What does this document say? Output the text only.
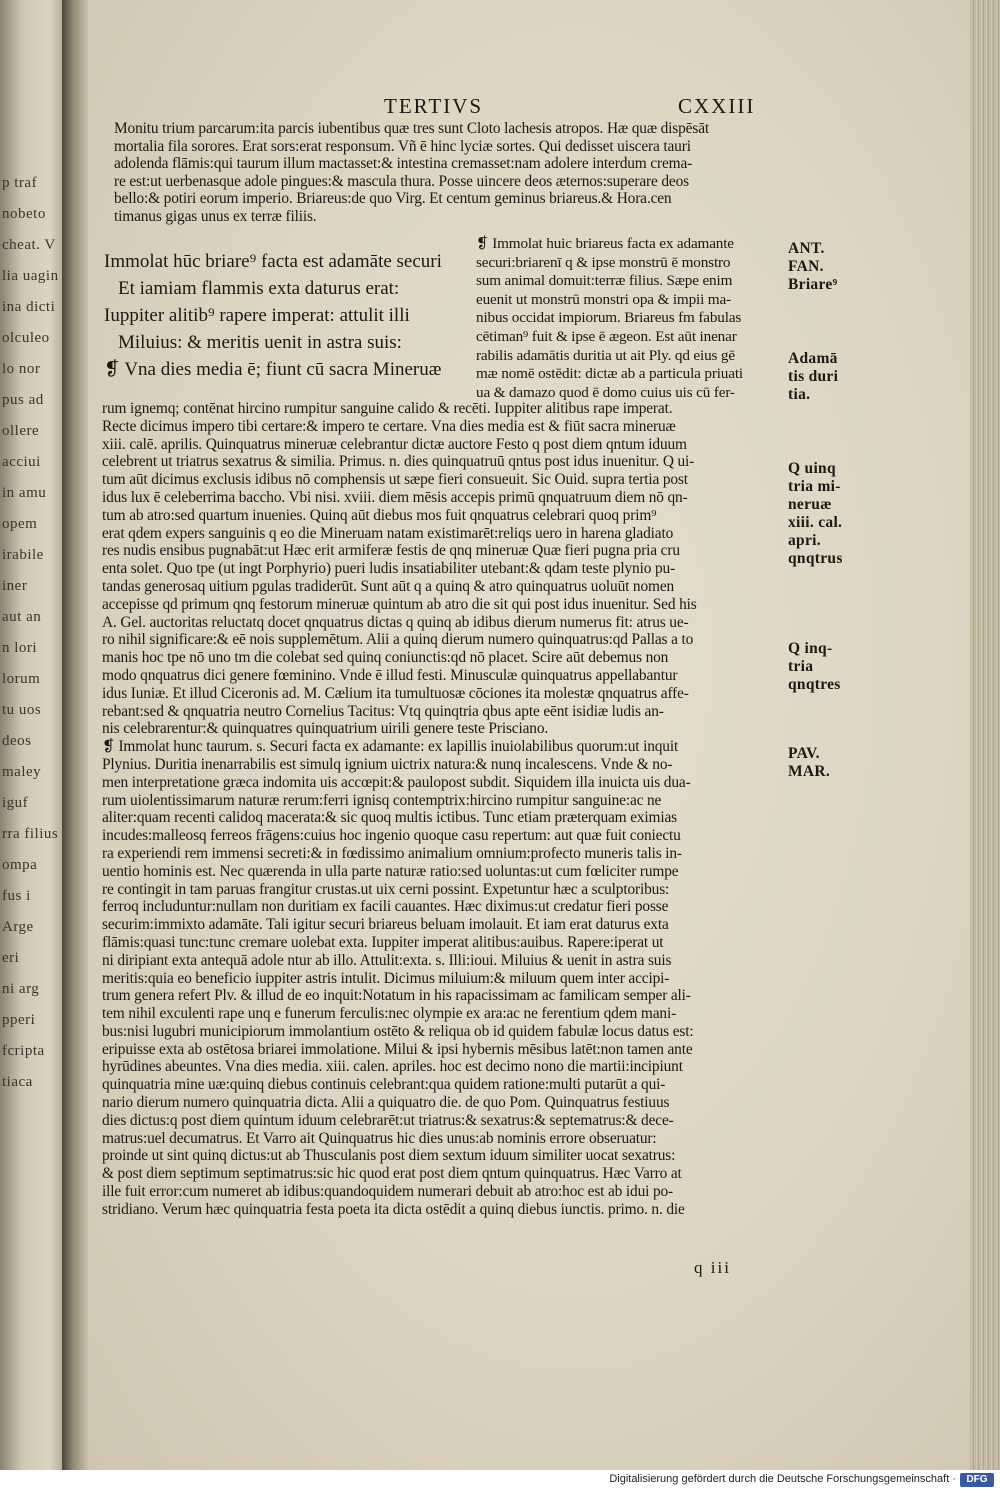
p traf
nobeto
cheat. V
lia uagin
ina dicti
olculeo
lo nor
pus ad
ollere
acciui
in amu
opem
irabile
iner
aut an
n lori
lorum
tu uos
deos
maley
iguf
rra filius
ompa
fus i
Arge
eri
ni arg
pperi
fcripta
tiaca
TERTIVS	CXXIII
Monitu trium parcarum:ita parcis iubentibus quæ tres sunt Cloto lachesis atropos. Hæ quæ dispēsāt
mortalia fila sorores. Erat sors:erat responsum. Vñ ē hinc lyciæ sortes. Qui dedisset uiscera tauri
adolenda flāmis:qui taurum illum mactasset:& intestina cremasset:nam adolere interdum crema-
re est:ut uerbenasque adole pingues:& mascula thura. Posse uincere deos æternos:superare deos
bello:& potiri eorum imperio. Briareus:de quo Virg. Et centum geminus briareus.& Hora.cen
timanus gigas unus ex terræ filiis.
Immolat hūc briare⁹ facta est adamāte securi
Et iamiam flammis exta daturus erat:
Iuppiter alitib⁹ rapere imperat: attulit illi
Miluius: & meritis uenit in astra suis:
❡ Vna dies media ē; fiunt cū sacra Mineruæ
❡ Immolat huic briareus facta ex adamante
securi:briarenī q & ipse monstrū ē monstro
sum animal domuit:terræ filius. Sæpe enim
euenit ut monstrū monstri opa & impii ma-
nibus occidat impiorum. Briareus fm fabulas
cētiman⁹ fuit & ipse ē ægeon. Est aūt inenar
rabilis adamātis duritia ut ait Ply. qd eius gē
mæ nomē ostēdit: dictæ ab a particula priuati
ua & damazo quod ē domo cuius uis cū fer-
rum ignemq; contēnat hircino rumpitur sanguine calido & recēti. Iuppiter alitibus rape imperat.
Recte dicimus impero tibi certare:& impero te certare. Vna dies media est & fiūt sacra mineruæ
xiii. calē. aprilis. Quinquatrus mineruæ celebrantur dictæ auctore Festo q post diem qntum iduum
celebrent ut triatrus sexatrus & similia. Primus. n. dies quinquatruū qntus post idus inuenitur. Q ui-
tum aūt dicimus exclusis idibus nō comphensis ut sæpe fieri consueuit. Sic Ouid. supra tertia post
idus lux ē celeberrima baccho. Vbi nisi. xviii. diem mēsis accepis primū qnquatruum diem nō qn-
tum ab atro:sed quartum inuenies. Quinq aūt diebus mos fuit qnquatrus celebrari quoq prim⁹
erat qdem expers sanguinis q eo die Mineruam natam existimarēt:reliqs uero in harena gladiato
res nudis ensibus pugnabāt:ut Hæc erit armiferæ festis de qnq mineruæ Quæ fieri pugna pria cru
enta solet. Quo tpe (ut ingt Porphyrio) pueri ludis insatiabiliter utebant:& qdam teste plynio pu-
tandas generosaq uitium pgulas tradiderūt. Sunt aūt q a quinq & atro quinquatrus uoluūt nomen
accepisse qd primum qnq festorum mineruæ quintum ab atro die sit qui post idus inuenitur. Sed his
A. Gel. auctoritas reluctatq docet qnquatrus dictas q quinq ab idibus dierum numerus fit: atrus ue-
ro nihil significare:& eē nois supplemētum. Alii a quinq dierum numero quinquatrus:qd Pallas a to
manis hoc tpe nō uno tm die colebat sed quinq coniunctis:qd nō placet. Scire aūt debemus non
modo qnquatrus dici genere fœminino. Vnde ē illud festi. Minusculæ quinquatrus appellabantur
idus Iuniæ. Et illud Ciceronis ad. M. Cælium ita tumultuosæ cōciones ita molestæ qnquatrus affe-
rebant:sed & qnquatria neutro Cornelius Tacitus: Vtq quinqtria qbus apte eēnt isidiæ ludis an-
nis celebrarentur:& quinquatres quinquatrium uirili genere teste Prisciano.
❡ Immolat hunc taurum. s. Securi facta ex adamante: ex lapillis inuiolabilibus quorum:ut inquit
Plynius. Duritia inenarrabilis est simulq ignium uictrix natura:& nunq incalescens. Vnde & no-
men interpretatione græca indomita uis accœpit:& paulopost subdit. Siquidem illa inuicta uis dua-
rum uiolentissimarum naturæ rerum:ferri ignisq contemptrix:hircino rumpitur sanguine:ac ne
aliter:quam recenti calidoq macerata:& sic quoq multis ictibus. Tunc etiam præterquam eximias
incudes:malleosq ferreos frāgens:cuius hoc ingenio quoque casu repertum: aut quæ fuit coniectu
ra experiendi rem immensi secreti:& in fœdissimo animalium omnium:profecto muneris talis in-
uentio hominis est. Nec quærenda in ulla parte naturæ ratio:sed uoluntas:ut cum fœliciter rumpe
re contingit in tam paruas frangitur crustas.ut uix cerni possint. Expetuntur hæc a sculptoribus:
ferroq includuntur:nullam non duritiam ex facili cauantes. Hæc diximus:ut credatur fieri posse
securim:immixto adamāte. Tali igitur securi briareus beluam imolauit. Et iam erat daturus exta
flāmis:quasi tunc:tunc cremare uolebat exta. Iuppiter imperat alitibus:auibus. Rapere:iperat ut
ni diripiant exta antequā adole ntur ab illo. Attulit:exta. s. Illi:ioui. Miluius & uenit in astra suis
meritis:quia eo beneficio iuppiter astris intulit. Dicimus miluium:& miluum quem inter accipi-
trum genera refert Plv. & illud de eo inquit:Notatum in his rapacissimam ac familicam semper ali-
tem nihil exculenti rape unq e funerum ferculis:nec olympie ex ara:ac ne ferentium qdem mani-
bus:nisi lugubri municipiorum immolantium ostēto & reliqua ob id quidem fabulæ locus datus est:
eripuisse exta ab ostētosa briarei immolatione. Milui & ipsi hybernis mēsibus latēt:non tamen ante
hyrūdines abeuntes. Vna dies media. xiii. calen. apriles. hoc est decimo nono die martii:incipiunt
quinquatria mine uæ:quinq diebus continuis celebrant:qua quidem ratione:multi putarūt a qui-
nario dierum numero quinquatria dicta. Alii a quiquatro die. de quo Pom. Quinquatrus festiuus
dies dictus:q post diem quintum iduum celebrarēt:ut triatrus:& sexatrus:& septematrus:& dece-
matrus:uel decumatrus. Et Varro ait Quinquatrus hic dies unus:ab nominis errore obseruatur:
proinde ut sint quinq dictus:ut ab Thusculanis post diem sextum iduum similiter uocat sexatrus:
& post diem septimum septimatrus:sic hic quod erat post diem qntum quinquatrus. Hæc Varro at
ille fuit error:cum numeret ab idibus:quandoquidem numerari debuit ab atro:hoc est ab idui po-
stridiano. Verum hæc quinquatria festa poeta ita dicta ostēdit a quinq diebus iunctis. primo. n. die
ANT.
FAN.
Briare⁹
Adamā
tis duri
tia.
Q uinq
tria mi-
neruæ
xiii. cal.
apri.
qnqtrus
Q inq-
tria
qnqtres
PAV.
MAR.
q iii
Digitalisierung gefördert durch die Deutsche Forschungsgemeinschaft ·	DFG
